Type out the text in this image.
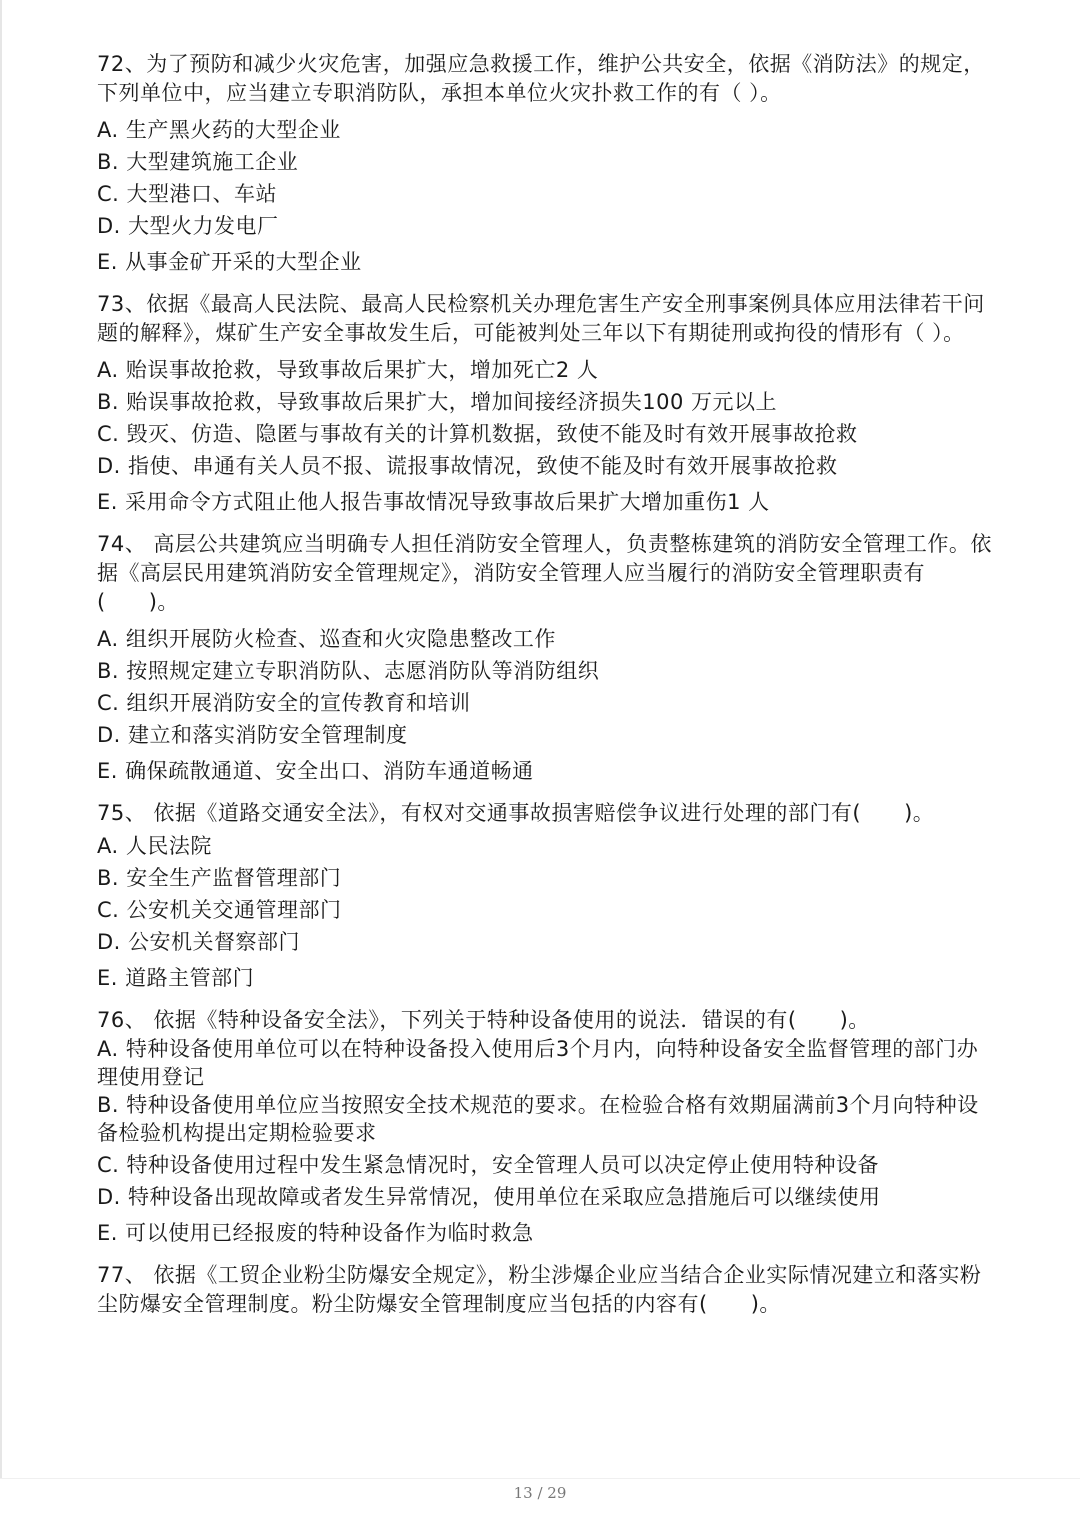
72、为了预防和减少火灾危害，加强应急救援工作，维护公共安全，依据《消防法》的规定，下列单位中，应当建立专职消防队，承担本单位火灾扑救工作的有（ ）。

A. 生产黑火药的大型企业

B. 大型建筑施工企业

C. 大型港口、车站

D. 大型火力发电厂

E. 从事金矿开采的大型企业

73、依据《最高人民法院、最高人民检察机关办理危害生产安全刑事案例具体应用法律若干问题的解释》，煤矿生产安全事故发生后，可能被判处三年以下有期徒刑或拘役的情形有（ ）。

A. 贻误事故抢救，导致事故后果扩大，增加死亡2 人

B. 贻误事故抢救，导致事故后果扩大，增加间接经济损失100 万元以上

C. 毁灭、仿造、隐匿与事故有关的计算机数据，致使不能及时有效开展事故抢救

D. 指使、串通有关人员不报、谎报事故情况，致使不能及时有效开展事故抢救

E. 采用命令方式阻止他人报告事故情况导致事故后果扩大增加重伤1 人

74、 高层公共建筑应当明确专人担任消防安全管理人，负责整栋建筑的消防安全管理工作。依据《高层民用建筑消防安全管理规定》，消防安全管理人应当履行的消防安全管理职责有(　　)。

A. 组织开展防火检查、巡查和火灾隐患整改工作

B. 按照规定建立专职消防队、志愿消防队等消防组织

C. 组织开展消防安全的宣传教育和培训

D. 建立和落实消防安全管理制度

E. 确保疏散通道、安全出口、消防车通道畅通

75、 依据《道路交通安全法》，有权对交通事故损害赔偿争议进行处理的部门有(　　)。

A. 人民法院

B. 安全生产监督管理部门

C. 公安机关交通管理部门

D. 公安机关督察部门

E. 道路主管部门

76、 依据《特种设备安全法》，下列关于特种设备使用的说法．错误的有(　　)。

A. 特种设备使用单位可以在特种设备投入使用后3个月内，向特种设备安全监督管理的部门办理使用登记

B. 特种设备使用单位应当按照安全技术规范的要求。在检验合格有效期届满前3个月向特种设备检验机构提出定期检验要求

C. 特种设备使用过程中发生紧急情况时，安全管理人员可以决定停止使用特种设备

D. 特种设备出现故障或者发生异常情况，使用单位在采取应急措施后可以继续使用

E. 可以使用已经报废的特种设备作为临时救急

77、 依据《工贸企业粉尘防爆安全规定》，粉尘涉爆企业应当结合企业实际情况建立和落实粉尘防爆安全管理制度。粉尘防爆安全管理制度应当包括的内容有(　　)。

13 / 29
